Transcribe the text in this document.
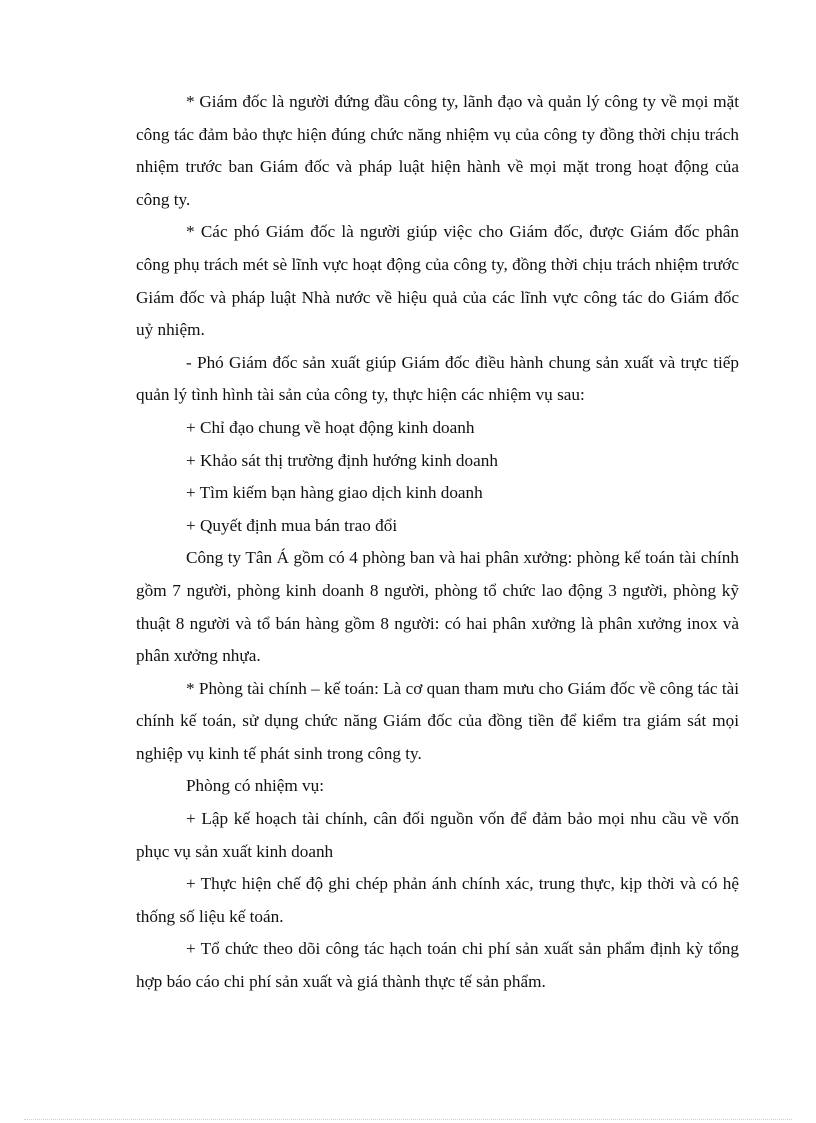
* Giám đốc là người đứng đầu công ty, lãnh đạo và quản lý công ty về mọi mặt công tác đảm bảo thực hiện đúng chức năng nhiệm vụ của công ty đồng thời chịu trách nhiệm trước ban Giám đốc và pháp luật hiện hành về mọi mặt trong hoạt động của công ty.

* Các phó Giám đốc là người giúp việc cho Giám đốc, được Giám đốc phân công phụ trách mét sè lĩnh vực hoạt động của công ty, đồng thời chịu trách nhiệm trước Giám đốc và pháp luật Nhà nước về hiệu quả của các lĩnh vực công tác do Giám đốc uỷ nhiệm.

- Phó Giám đốc sản xuất giúp Giám đốc điều hành chung sản xuất và trực tiếp quản lý tình hình tài sản của công ty, thực hiện các nhiệm vụ sau:

+ Chỉ đạo chung về hoạt động kinh doanh

+ Khảo sát thị trường định hướng kinh doanh

+ Tìm kiếm bạn hàng giao dịch kinh doanh

+ Quyết định mua bán trao đổi

Công ty Tân Á gồm có 4 phòng ban và hai phân xưởng: phòng kế toán tài chính gồm 7 người, phòng kinh doanh 8 người, phòng tổ chức lao động 3 người, phòng kỹ thuật 8 người và tổ bán hàng gồm 8 người: có hai phân xưởng là phân xưởng inox và phân xưởng nhựa.

* Phòng tài chính – kế toán: Là cơ quan tham mưu cho Giám đốc về công tác tài chính kế toán, sử dụng chức năng Giám đốc của đồng tiền để kiểm tra giám sát mọi nghiệp vụ kinh tế phát sinh trong công ty.

Phòng có nhiệm vụ:

+ Lập kế hoạch tài chính, cân đối nguồn vốn để đảm bảo mọi nhu cầu về vốn phục vụ sản xuất kinh doanh

+ Thực hiện chế độ ghi chép phản ánh chính xác, trung thực, kịp thời và có hệ thống số liệu kế toán.

+ Tổ chức theo dõi công tác hạch toán chi phí sản xuất sản phẩm định kỳ tổng hợp báo cáo chi phí sản xuất và giá thành thực tế sản phẩm.
